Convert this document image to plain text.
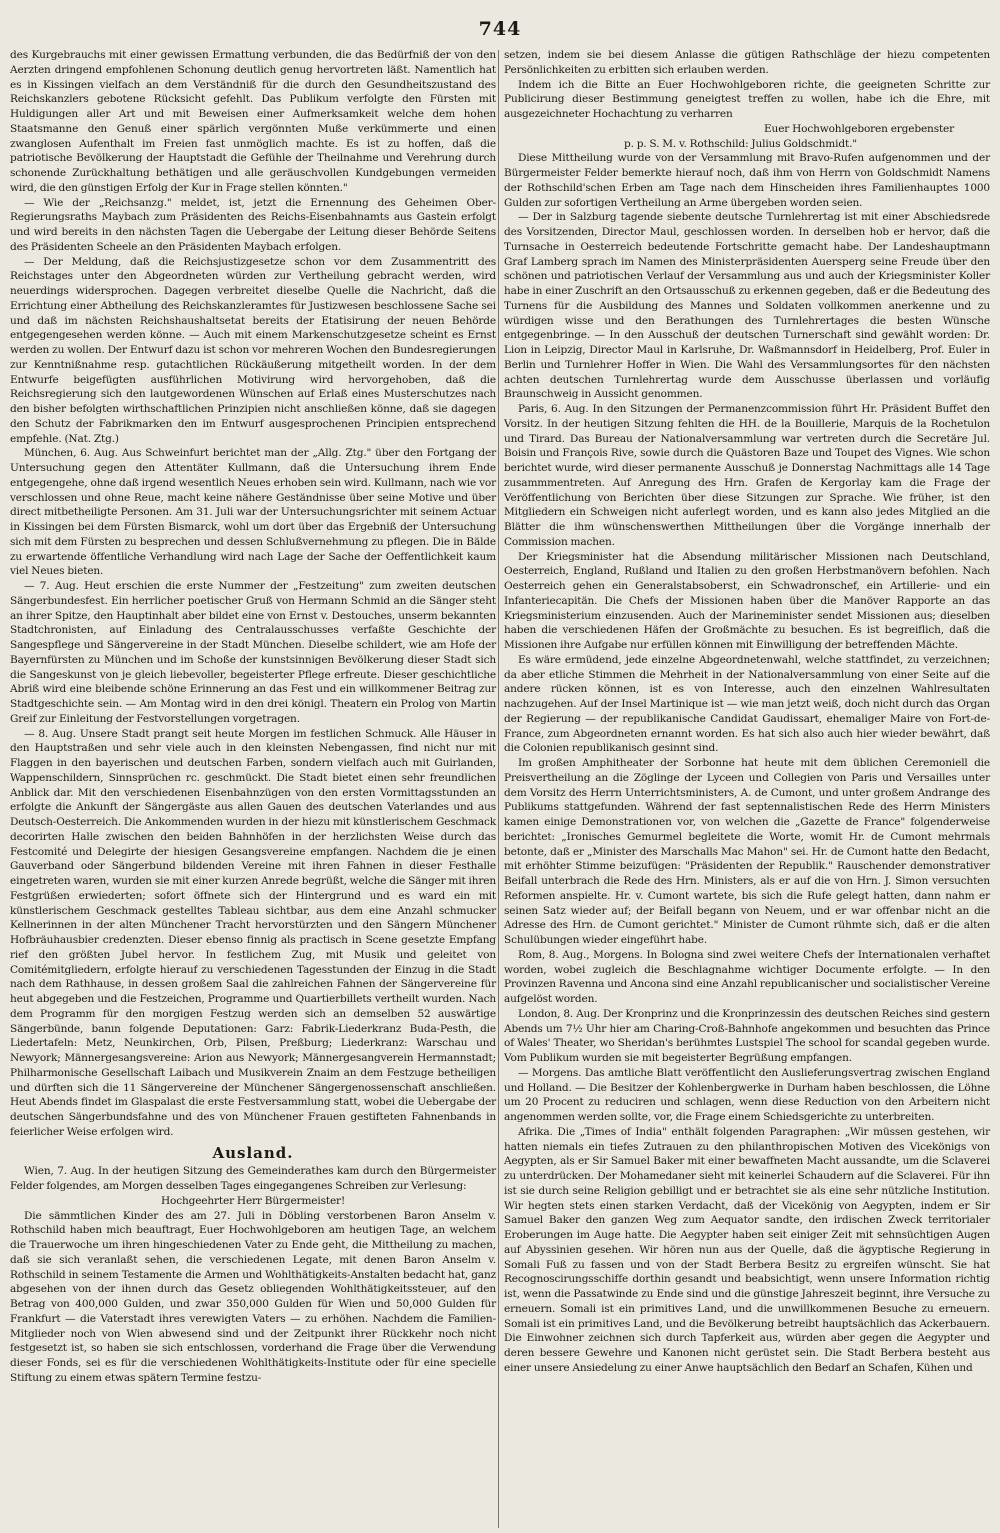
744

des Kurgebrauchs mit einer gewissen Ermattung verbunden, die das Bedürfniß der von den Aerzten dringend empfohlenen Schonung deutlich genug hervortreten läßt. Namentlich hat es in Kissingen vielfach an dem Verständniß für die durch den Gesundheitszustand des Reichskanzlers gebotene Rücksicht gefehlt. Das Publikum verfolgte den Fürsten mit Huldigungen aller Art und mit Beweisen einer Aufmerksamkeit welche dem hohen Staatsmanne den Genuß einer spärlich vergönnten Muße verkümmerte und einen zwanglosen Aufenthalt im Freien fast unmöglich machte. Es ist zu hoffen, daß die patriotische Bevölkerung der Hauptstadt die Gefühle der Theilnahme und Verehrung durch schonende Zurückhaltung bethätigen und alle geräuschvollen Kundgebungen vermeiden wird, die den günstigen Erfolg der Kur in Frage stellen könnten."

— Wie der „Reichsanzg." meldet, ist, jetzt die Ernennung des Geheimen Ober-Regierungsraths Maybach zum Präsidenten des Reichs-Eisenbahnamts aus Gastein erfolgt und wird bereits in den nächsten Tagen die Uebergabe der Leitung dieser Behörde Seitens des Präsidenten Scheele an den Präsidenten Maybach erfolgen.

— Der Meldung, daß die Reichsjustizgesetze schon vor dem Zusammentritt des Reichstages unter den Abgeordneten würden zur Vertheilung gebracht werden, wird neuerdings widersprochen. Dagegen verbreitet dieselbe Quelle die Nachricht, daß die Errichtung einer Abtheilung des Reichskanzleramtes für Justizwesen beschlossene Sache sei und daß im nächsten Reichshaushaltsetat bereits der Etatisirung der neuen Behörde entgegengesehen werden könne. — Auch mit einem Markenschutzgesetze scheint es Ernst werden zu wollen. Der Entwurf dazu ist schon vor mehreren Wochen den Bundesregierungen zur Kenntnißnahme resp. gutachtlichen Rückäußerung mitgetheilt worden. In der dem Entwurfe beigefügten ausführlichen Motivirung wird hervorgehoben, daß die Reichsregierung sich den lautgewordenen Wünschen auf Erlaß eines Musterschutzes nach den bisher befolgten wirthschaftlichen Prinzipien nicht anschließen könne, daß sie dagegen den Schutz der Fabrikmarken den im Entwurf ausgesprochenen Principien entsprechend empfehle. (Nat. Ztg.)

München, 6. Aug. Aus Schweinfurt berichtet man der „Allg. Ztg." über den Fortgang der Untersuchung gegen den Attentäter Kullmann, daß die Untersuchung ihrem Ende entgegengehe, ohne daß irgend wesentlich Neues erhoben sein wird. Kullmann, nach wie vor verschlossen und ohne Reue, macht keine nähere Geständnisse über seine Motive und über direct mitbetheiligte Personen. Am 31. Juli war der Untersuchungsrichter mit seinem Actuar in Kissingen bei dem Fürsten Bismarck, wohl um dort über das Ergebniß der Untersuchung sich mit dem Fürsten zu besprechen und dessen Schlußvernehmung zu pflegen. Die in Bälde zu erwartende öffentliche Verhandlung wird nach Lage der Sache der Oeffentlichkeit kaum viel Neues bieten.

— 7. Aug. Heut erschien die erste Nummer der „Festzeitung" zum zweiten deutschen Sängerbundesfest. Ein herrlicher poetischer Gruß von Hermann Schmid an die Sänger steht an ihrer Spitze, den Hauptinhalt aber bildet eine von Ernst v. Destouches, unserm bekannten Stadtchronisten, auf Einladung des Centralausschusses verfaßte Geschichte der Sangespflege und Sängervereine in der Stadt München. Dieselbe schildert, wie am Hofe der Bayernfürsten zu München und im Schoße der kunstsinnigen Bevölkerung dieser Stadt sich die Sangeskunst von je gleich liebevoller, begeisterter Pflege erfreute. Dieser geschichtliche Abriß wird eine bleibende schöne Erinnerung an das Fest und ein willkommener Beitrag zur Stadtgeschichte sein. — Am Montag wird in den drei königl. Theatern ein Prolog von Martin Greif zur Einleitung der Festvorstellungen vorgetragen.

— 8. Aug. Unsere Stadt prangt seit heute Morgen im festlichen Schmuck. Alle Häuser in den Hauptstraßen und sehr viele auch in den kleinsten Nebengassen, find nicht nur mit Flaggen in den bayerischen und deutschen Farben, sondern vielfach auch mit Guirlanden, Wappenschildern, Sinnsprüchen rc. geschmückt. Die Stadt bietet einen sehr freundlichen Anblick dar. Mit den verschiedenen Eisenbahnzügen von den ersten Vormittagsstunden an erfolgte die Ankunft der Sängergäste aus allen Gauen des deutschen Vaterlandes und aus Deutsch-Oesterreich. Die Ankommenden wurden in der hiezu mit künstlerischem Geschmack decorirten Halle zwischen den beiden Bahnhöfen in der herzlichsten Weise durch das Festcomité und Delegirte der hiesigen Gesangsvereine empfangen. Nachdem die je einen Gauverband oder Sängerbund bildenden Vereine mit ihren Fahnen in dieser Festhalle eingetreten waren, wurden sie mit einer kurzen Anrede begrüßt, welche die Sänger mit ihren Festgrüßen erwiederten; sofort öffnete sich der Hintergrund und es ward ein mit künstlerischem Geschmack gestelltes Tableau sichtbar, aus dem eine Anzahl schmucker Kellnerinnen in der alten Münchener Tracht hervorstürzten und den Sängern Münchener Hofbräuhausbier credenzten. Dieser ebenso finnig als practisch in Scene gesetzte Empfang rief den größten Jubel hervor. In festlichem Zug, mit Musik und geleitet von Comitémitgliedern, erfolgte hierauf zu verschiedenen Tagesstunden der Einzug in die Stadt nach dem Rathhause, in dessen großem Saal die zahlreichen Fahnen der Sängervereine für heut abgegeben und die Festzeichen, Programme und Quartierbillets vertheilt wurden. Nach dem Programm für den morgigen Festzug werden sich an demselben 52 auswärtige Sängerbünde, banın folgende Deputationen: Garz: Fabrik-Liederkranz Buda-Pesth, die Liedertafeln: Metz, Neunkirchen, Orb, Pilsen, Preßburg; Liederkranz: Warschau und Newyork; Männergesangsvereine: Arion aus Newyork; Männergesangverein Hermannstadt; Philharmonische Gesellschaft Laibach und Musikverein Znaim an dem Festzuge betheiligen und dürften sich die 11 Sängervereine der Münchener Sängergenossenschaft anschließen. Heut Abends findet im Glaspalast die erste Festversammlung statt, wobei die Uebergabe der deutschen Sängerbundsfahne und des von Münchener Frauen gestifteten Fahnenbands in feierlicher Weise erfolgen wird.

Ausland.

Wien, 7. Aug. In der heutigen Sitzung des Gemeinderathes kam durch den Bürgermeister Felder folgendes, am Morgen desselben Tages eingegangenes Schreiben zur Verlesung:

Hochgeehrter Herr Bürgermeister!

Die sämmtlichen Kinder des am 27. Juli in Döbling verstorbenen Baron Anselm v. Rothschild haben mich beauftragt, Euer Hochwohlgeboren am heutigen Tage, an welchem die Trauerwoche um ihren hingeschiedenen Vater zu Ende geht, die Mittheilung zu machen, daß sie sich veranlaßt sehen, die verschiedenen Legate, mit denen Baron Anselm v. Rothschild in seinem Testamente die Armen und Wohlthätigkeits-Anstalten bedacht hat, ganz abgesehen von der ihnen durch das Gesetz obliegenden Wohlthätigkeitssteuer, auf den Betrag von 400,000 Gulden, und zwar 350,000 Gulden für Wien und 50,000 Gulden für Frankfurt — die Vaterstadt ihres verewigten Vaters — zu erhöhen. Nachdem die Familien-Mitglieder noch von Wien abwesend sind und der Zeitpunkt ihrer Rückkehr noch nicht festgesetzt ist, so haben sie sich entschlossen, vorderhand die Frage über die Verwendung dieser Fonds, sei es für die verschiedenen Wohlthätigkeits-Institute oder für eine specielle Stiftung zu einem etwas spätern Termine festzu-

setzen, indem sie bei diesem Anlasse die gütigen Rathschläge der hiezu competenten Persönlichkeiten zu erbitten sich erlauben werden.

Indem ich die Bitte an Euer Hochwohlgeboren richte, die geeigneten Schritte zur Publicirung dieser Bestimmung geneigtest treffen zu wollen, habe ich die Ehre, mit ausgezeichneter Hochachtung zu verharren

Euer Hochwohlgeboren ergebenster

p. p. S. M. v. Rothschild: Julius Goldschmidt."

Diese Mittheilung wurde von der Versammlung mit Bravo-Rufen aufgenommen und der Bürgermeister Felder bemerkte hierauf noch, daß ihm von Herrn von Goldschmidt Namens der Rothschild'schen Erben am Tage nach dem Hinscheiden ihres Familienhauptes 1000 Gulden zur sofortigen Vertheilung an Arme übergeben worden seien.

— Der in Salzburg tagende siebente deutsche Turnlehrertag ist mit einer Abschiedsrede des Vorsitzenden, Director Maul, geschlossen worden. In derselben hob er hervor, daß die Turnsache in Oesterreich bedeutende Fortschritte gemacht habe. Der Landeshauptmann Graf Lamberg sprach im Namen des Ministerpräsidenten Auersperg seine Freude über den schönen und patriotischen Verlauf der Versammlung aus und auch der Kriegsminister Koller habe in einer Zuschrift an den Ortsausschuß zu erkennen gegeben, daß er die Bedeutung des Turnens für die Ausbildung des Mannes und Soldaten vollkommen anerkenne und zu würdigen wisse und den Berathungen des Turnlehrertages die besten Wünsche entgegenbringe. — In den Ausschuß der deutschen Turnerschaft sind gewählt worden: Dr. Lion in Leipzig, Director Maul in Karlsruhe, Dr. Waßmannsdorf in Heidelberg, Prof. Euler in Berlin und Turnlehrer Hoffer in Wien. Die Wahl des Versammlungsortes für den nächsten achten deutschen Turnlehrertag wurde dem Ausschusse überlassen und vorläufig Braunschweig in Aussicht genommen.

Paris, 6. Aug. In den Sitzungen der Permanenzcommission führt Hr. Präsident Buffet den Vorsitz. In der heutigen Sitzung fehlten die HH. de la Bouillerie, Marquis de la Rochetulon und Tirard. Das Bureau der Nationalversammlung war vertreten durch die Secretäre Jul. Boisin und François Rive, sowie durch die Quästoren Baze und Toupet des Vignes. Wie schon berichtet wurde, wird dieser permanente Ausschuß je Donnerstag Nachmittags alle 14 Tage zusammmentreten. Auf Anregung des Hrn. Grafen de Kergorlay kam die Frage der Veröffentlichung von Berichten über diese Sitzungen zur Sprache. Wie früher, ist den Mitgliedern ein Schweigen nicht auferlegt worden, und es kann also jedes Mitglied an die Blätter die ihm wünschenswerthen Mittheilungen über die Vorgänge innerhalb der Commission machen.

Der Kriegsminister hat die Absendung militärischer Missionen nach Deutschland, Oesterreich, England, Rußland und Italien zu den großen Herbstmanövern befohlen. Nach Oesterreich gehen ein Generalstabsoberst, ein Schwadronschef, ein Artillerie- und ein Infanteriecapitän. Die Chefs der Missionen haben über die Manöver Rapporte an das Kriegsministerium einzusenden. Auch der Marineminister sendet Missionen aus; dieselben haben die verschiedenen Häfen der Großmächte zu besuchen. Es ist begreiflich, daß die Missionen ihre Aufgabe nur erfüllen können mit Einwilligung der betreffenden Mächte.

Es wäre ermüdend, jede einzelne Abgeordnetenwahl, welche stattfindet, zu verzeichnen; da aber etliche Stimmen die Mehrheit in der Nationalversammlung von einer Seite auf die andere rücken können, ist es von Interesse, auch den einzelnen Wahlresultaten nachzugehen. Auf der Insel Martinique ist — wie man jetzt weiß, doch nicht durch das Organ der Regierung — der republikanische Candidat Gaudissart, ehemaliger Maire von Fort-de-France, zum Abgeordneten ernannt worden. Es hat sich also auch hier wieder bewährt, daß die Colonien republikanisch gesinnt sind.

Im großen Amphitheater der Sorbonne hat heute mit dem üblichen Ceremoniell die Preisvertheilung an die Zöglinge der Lyceen und Collegien von Paris und Versailles unter dem Vorsitz des Herrn Unterrichtsministers, A. de Cumont, und unter großem Andrange des Publikums stattgefunden. Während der fast septennalistischen Rede des Herrn Ministers kamen einige Demonstrationen vor, von welchen die „Gazette de France" folgenderweise berichtet: „Ironisches Gemurmel begleitete die Worte, womit Hr. de Cumont mehrmals betonte, daß er „Minister des Marschalls Mac Mahon" sei. Hr. de Cumont hatte den Bedacht, mit erhöhter Stimme beizufügen: "Präsidenten der Republik." Rauschender demonstrativer Beifall unterbrach die Rede des Hrn. Ministers, als er auf die von Hrn. J. Simon versuchten Reformen anspielte. Hr. v. Cumont wartete, bis sich die Rufe gelegt hatten, dann nahm er seinen Satz wieder auf; der Beifall begann von Neuem, und er war offenbar nicht an die Adresse des Hrn. de Cumont gerichtet." Minister de Cumont rühmte sich, daß er die alten Schulübungen wieder eingeführt habe.

Rom, 8. Aug., Morgens. In Bologna sind zwei weitere Chefs der Internationalen verhaftet worden, wobei zugleich die Beschlagnahme wichtiger Documente erfolgte. — In den Provinzen Ravenna und Ancona sind eine Anzahl republicanischer und socialistischer Vereine aufgelöst worden.

London, 8. Aug. Der Kronprinz und die Kronprinzessin des deutschen Reiches sind gestern Abends um 7½ Uhr hier am Charing-Croß-Bahnhofe angekommen und besuchten das Prince of Wales' Theater, wo Sheridan's berühmtes Lustspiel The school for scandal gegeben wurde. Vom Publikum wurden sie mit begeisterter Begrüßung empfangen.

— Morgens. Das amtliche Blatt veröffentlicht den Auslieferungsvertrag zwischen England und Holland. — Die Besitzer der Kohlenbergwerke in Durham haben beschlossen, die Löhne um 20 Procent zu reduciren und schlagen, wenn diese Reduction von den Arbeitern nicht angenommen werden sollte, vor, die Frage einem Schiedsgerichte zu unterbreiten.

Afrika. Die „Times of India" enthält folgenden Paragraphen: „Wir müssen gestehen, wir hatten niemals ein tiefes Zutrauen zu den philanthropischen Motiven des Vicekönigs von Aegypten, als er Sir Samuel Baker mit einer bewaffneten Macht aussandte, um die Sclaverei zu unterdrücken. Der Mohamedaner sieht mit keinerlei Schaudern auf die Sclaverei. Für ihn ist sie durch seine Religion gebilligt und er betrachtet sie als eine sehr nützliche Institution. Wir hegten stets einen starken Verdacht, daß der Vicekönig von Aegypten, indem er Sir Samuel Baker den ganzen Weg zum Aequator sandte, den irdischen Zweck territorialer Eroberungen im Auge hatte. Die Aegypter haben seit einiger Zeit mit sehnsüchtigen Augen auf Abyssinien gesehen. Wir hören nun aus der Quelle, daß die ägyptische Regierung in Somali Fuß zu fassen und von der Stadt Berbera Besitz zu ergreifen wünscht. Sie hat Recognoscirungsschiffe dorthin gesandt und beabsichtigt, wenn unsere Information richtig ist, wenn die Passatwinde zu Ende sind und die günstige Jahreszeit beginnt, ihre Versuche zu erneuern. Somali ist ein primitives Land, und die unwillkommenen Besuche zu erneuern. Somali ist ein primitives Land, und die Bevölkerung betreibt hauptsächlich das Ackerbauern. Die Einwohner zeichnen sich durch Tapferkeit aus, würden aber gegen die Aegypter und deren bessere Gewehre und Kanonen nicht gerüstet sein. Die Stadt Berbera besteht aus einer unsere Ansiedelung zu einer Anwe hauptsächlich den Bedarf an Schafen, Kühen und
